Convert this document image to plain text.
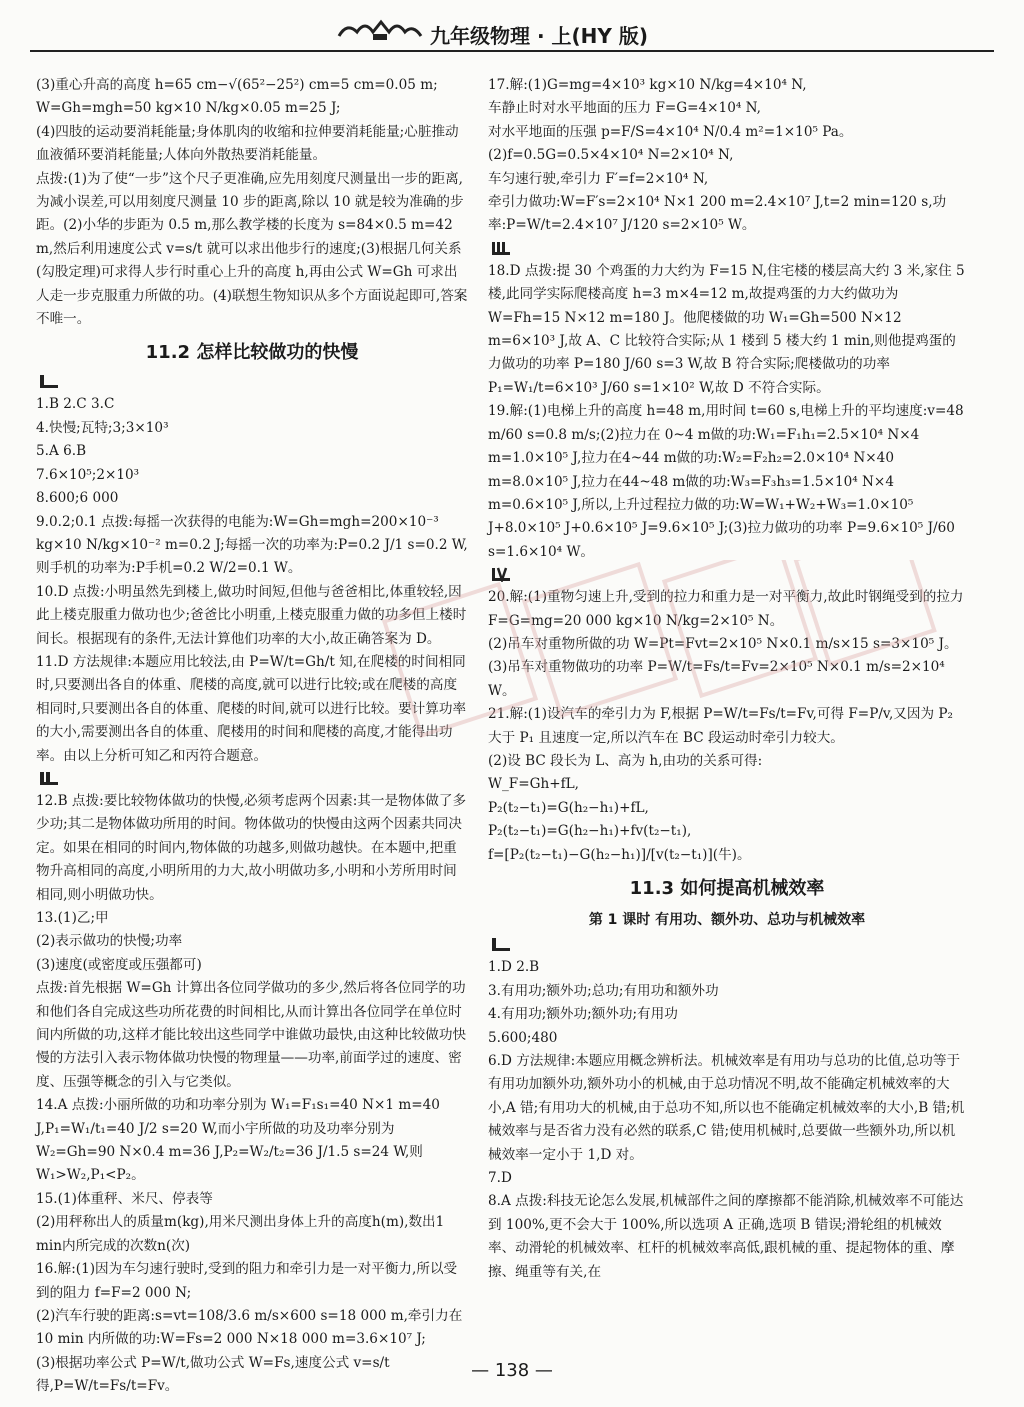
九年级物理 · 上(HY 版)

(3)重心升高的高度 h=65 cm−√(65²−25²) cm=5 cm=0.05 m;

W=Gh=mgh=50 kg×10 N/kg×0.05 m=25 J;

(4)四肢的运动要消耗能量;身体肌肉的收缩和拉伸要消耗能量;心脏推动血液循环要消耗能量;人体向外散热要消耗能量。

点拨:(1)为了使“一步”这个尺子更准确,应先用刻度尺测量出一步的距离,为减小误差,可以用刻度尺测量 10 步的距离,除以 10 就是较为准确的步距。(2)小华的步距为 0.5 m,那么教学楼的长度为 s=84×0.5 m=42 m,然后利用速度公式 v=s/t 就可以求出他步行的速度;(3)根据几何关系(勾股定理)可求得人步行时重心上升的高度 h,再由公式 W=Gh 可求出人走一步克服重力所做的功。(4)联想生物知识从多个方面说起即可,答案不唯一。

11.2 怎样比较做功的快慢

1.B 2.C 3.C

4.快慢;瓦特;3;3×10³

5.A 6.B

7.6×10⁵;2×10³

8.600;6 000

9.0.2;0.1 点拨:每摇一次获得的电能为:W=Gh=mgh=200×10⁻³ kg×10 N/kg×10⁻² m=0.2 J;每摇一次的功率为:P=0.2 J/1 s=0.2 W,则手机的功率为:P手机=0.2 W/2=0.1 W。

10.D 点拨:小明虽然先到楼上,做功时间短,但他与爸爸相比,体重较轻,因此上楼克服重力做功也少;爸爸比小明重,上楼克服重力做的功多但上楼时间长。根据现有的条件,无法计算他们功率的大小,故正确答案为 D。

11.D 方法规律:本题应用比较法,由 P=W/t=Gh/t 知,在爬楼的时间相同时,只要测出各自的体重、爬楼的高度,就可以进行比较;或在爬楼的高度相同时,只要测出各自的体重、爬楼的时间,就可以进行比较。要计算功率的大小,需要测出各自的体重、爬楼用的时间和爬楼的高度,才能得出功率。由以上分析可知乙和丙符合题意。

12.B 点拨:要比较物体做功的快慢,必须考虑两个因素:其一是物体做了多少功;其二是物体做功所用的时间。物体做功的快慢由这两个因素共同决定。如果在相同的时间内,物体做的功越多,则做功越快。在本题中,把重物升高相同的高度,小明所用的力大,故小明做功多,小明和小芳所用时间相同,则小明做功快。

13.(1)乙;甲

(2)表示做功的快慢;功率

(3)速度(或密度或压强都可)

点拨:首先根据 W=Gh 计算出各位同学做功的多少,然后将各位同学的功和他们各自完成这些功所花费的时间相比,从而计算出各位同学在单位时间内所做的功,这样才能比较出这些同学中谁做功最快,由这种比较做功快慢的方法引入表示物体做功快慢的物理量——功率,前面学过的速度、密度、压强等概念的引入与它类似。

14.A 点拨:小丽所做的功和功率分别为 W₁=F₁s₁=40 N×1 m=40 J,P₁=W₁/t₁=40 J/2 s=20 W,而小宇所做的功及功率分别为 W₂=Gh=90 N×0.4 m=36 J,P₂=W₂/t₂=36 J/1.5 s=24 W,则 W₁>W₂,P₁<P₂。

15.(1)体重秤、米尺、停表等

(2)用秤称出人的质量m(kg),用米尺测出身体上升的高度h(m),数出1 min内所完成的次数n(次)

16.解:(1)因为车匀速行驶时,受到的阻力和牵引力是一对平衡力,所以受到的阻力 f=F=2 000 N;

(2)汽车行驶的距离:s=vt=108/3.6 m/s×600 s=18 000 m,牵引力在 10 min 内所做的功:W=Fs=2 000 N×18 000 m=3.6×10⁷ J;

(3)根据功率公式 P=W/t,做功公式 W=Fs,速度公式 v=s/t 得,P=W/t=Fs/t=Fv。

17.解:(1)G=mg=4×10³ kg×10 N/kg=4×10⁴ N,

车静止时对水平地面的压力 F=G=4×10⁴ N,

对水平地面的压强 p=F/S=4×10⁴ N/0.4 m²=1×10⁵ Pa。

(2)f=0.5G=0.5×4×10⁴ N=2×10⁴ N,

车匀速行驶,牵引力 F′=f=2×10⁴ N,

牵引力做功:W=F′s=2×10⁴ N×1 200 m=2.4×10⁷ J,t=2 min=120 s,功率:P=W/t=2.4×10⁷ J/120 s=2×10⁵ W。

18.D 点拨:提 30 个鸡蛋的力大约为 F=15 N,住宅楼的楼层高大约 3 米,家住 5 楼,此同学实际爬楼高度 h=3 m×4=12 m,故提鸡蛋的力大约做功为 W=Fh=15 N×12 m=180 J。他爬楼做的功 W₁=Gh=500 N×12 m=6×10³ J,故 A、C 比较符合实际;从 1 楼到 5 楼大约 1 min,则他提鸡蛋的力做功的功率 P=180 J/60 s=3 W,故 B 符合实际;爬楼做功的功率 P₁=W₁/t=6×10³ J/60 s=1×10² W,故 D 不符合实际。

19.解:(1)电梯上升的高度 h=48 m,用时间 t=60 s,电梯上升的平均速度:v=48 m/60 s=0.8 m/s;(2)拉力在 0~4 m做的功:W₁=F₁h₁=2.5×10⁴ N×4 m=1.0×10⁵ J,拉力在4~44 m做的功:W₂=F₂h₂=2.0×10⁴ N×40 m=8.0×10⁵ J,拉力在44~48 m做的功:W₃=F₃h₃=1.5×10⁴ N×4 m=0.6×10⁵ J,所以,上升过程拉力做的功:W=W₁+W₂+W₃=1.0×10⁵ J+8.0×10⁵ J+0.6×10⁵ J=9.6×10⁵ J;(3)拉力做功的功率 P=9.6×10⁵ J/60 s=1.6×10⁴ W。

20.解:(1)重物匀速上升,受到的拉力和重力是一对平衡力,故此时钢绳受到的拉力 F=G=mg=20 000 kg×10 N/kg=2×10⁵ N。

(2)吊车对重物所做的功 W=Pt=Fvt=2×10⁵ N×0.1 m/s×15 s=3×10⁵ J。

(3)吊车对重物做功的功率 P=W/t=Fs/t=Fv=2×10⁵ N×0.1 m/s=2×10⁴ W。

21.解:(1)设汽车的牵引力为 F,根据 P=W/t=Fs/t=Fv,可得 F=P/v,又因为 P₂ 大于 P₁ 且速度一定,所以汽车在 BC 段运动时牵引力较大。

(2)设 BC 段长为 L、高为 h,由功的关系可得:

W_F=Gh+fL,

P₂(t₂−t₁)=G(h₂−h₁)+fL,

P₂(t₂−t₁)=G(h₂−h₁)+fv(t₂−t₁),

f=[P₂(t₂−t₁)−G(h₂−h₁)]/[v(t₂−t₁)](牛)。

11.3 如何提高机械效率
第 1 课时 有用功、额外功、总功与机械效率

1.D 2.B

3.有用功;额外功;总功;有用功和额外功

4.有用功;额外功;额外功;有用功

5.600;480

6.D 方法规律:本题应用概念辨析法。机械效率是有用功与总功的比值,总功等于有用功加额外功,额外功小的机械,由于总功情况不明,故不能确定机械效率的大小,A 错;有用功大的机械,由于总功不知,所以也不能确定机械效率的大小,B 错;机械效率与是否省力没有必然的联系,C 错;使用机械时,总要做一些额外功,所以机械效率一定小于 1,D 对。

7.D

8.A 点拨:科技无论怎么发展,机械部件之间的摩擦都不能消除,机械效率不可能达到 100%,更不会大于 100%,所以选项 A 正确,选项 B 错误;滑轮组的机械效率、动滑轮的机械效率、杠杆的机械效率高低,跟机械的重、提起物体的重、摩擦、绳重等有关,在

— 138 —
